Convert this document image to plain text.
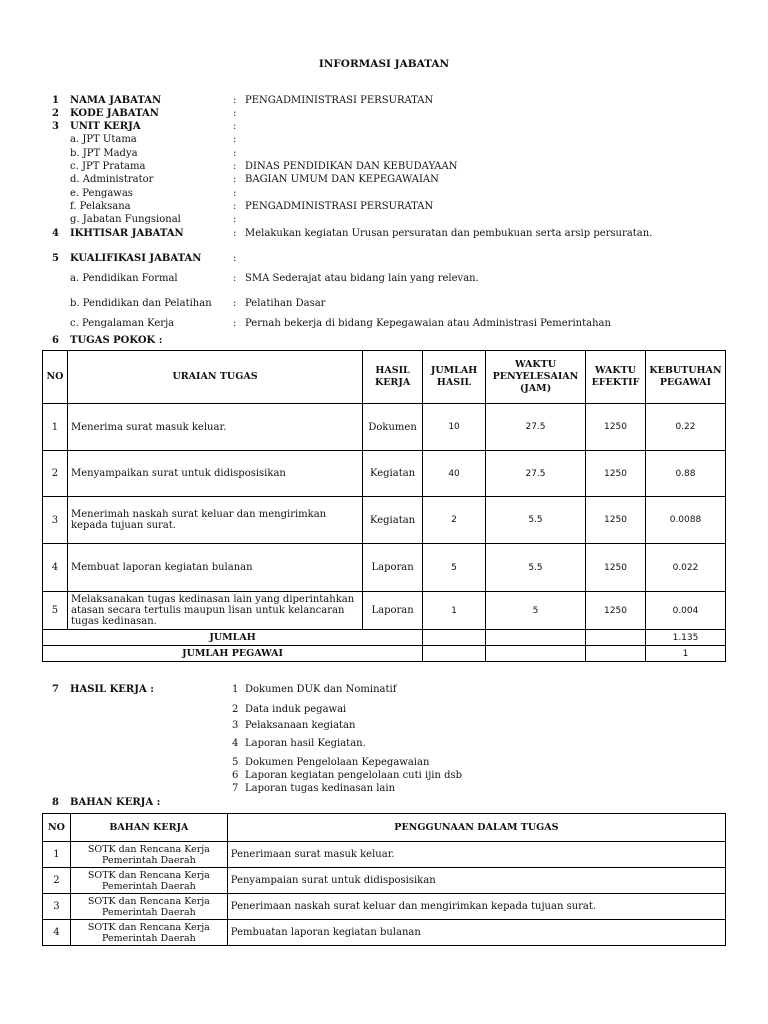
INFORMASI JABATAN
1 NAMA JABATAN	: PENGADMINISTRASI PERSURATAN
2 KODE JABATAN	:
3 UNIT KERJA	:
a. JPT Utama	:
b. JPT Madya	:
c. JPT Pratama	: DINAS PENDIDIKAN DAN KEBUDAYAAN
d. Administrator	: BAGIAN UMUM DAN KEPEGAWAIAN
e. Pengawas	:
f. Pelaksana	: PENGADMINISTRASI PERSURATAN
g. Jabatan Fungsional	:
4 IKHTISAR JABATAN	: Melakukan kegiatan Urusan persuratan dan pembukuan serta arsip persuratan.
5 KUALIFIKASI JABATAN	:
a. Pendidikan Formal	: SMA Sederajat atau bidang lain yang relevan.
b. Pendidikan dan Pelatihan : Pelatihan Dasar
c. Pengalaman Kerja	: Pernah bekerja di bidang Kepegawaian atau Administrasi Pemerintahan
6 TUGAS POKOK :
NO	URAIAN TUGAS	HASIL KERJA	JUMLAH HASIL	WAKTU PENYELESAIAN (JAM)	WAKTU EFEKTIF	KEBUTUHAN PEGAWAI
1	Menerima surat masuk keluar.	Dokumen	10	27.5	1250	0.22
2	Menyampaikan surat untuk didisposisikan	Kegiatan	40	27.5	1250	0.88
3	Menerimah naskah surat keluar dan mengirimkan kepada tujuan surat.	Kegiatan	2	5.5	1250	0.0088
4	Membuat laporan kegiatan bulanan	Laporan	5	5.5	1250	0.022
5	Melaksanakan tugas kedinasan lain yang diperintahkan atasan secara tertulis maupun lisan untuk kelancaran tugas kedinasan.	Laporan	1	5	1250	0.004
JUMLAH						1.135
JUMLAH PEGAWAI						1
7 HASIL KERJA :	1 Dokumen DUK dan Nominatif
2 Data induk pegawai
3 Pelaksanaan kegiatan
4 Laporan hasil Kegiatan.
5 Dokumen Pengelolaan Kepegawaian
6 Laporan kegiatan pengelolaan cuti ijin dsb
7 Laporan tugas kedinasan lain
8 BAHAN KERJA :
NO	BAHAN KERJA	PENGGUNAAN DALAM TUGAS
1	SOTK dan Rencana Kerja Pemerintah Daerah	Penerimaan surat masuk keluar.
2	SOTK dan Rencana Kerja Pemerintah Daerah	Penyampaian surat untuk didisposisikan
3	SOTK dan Rencana Kerja Pemerintah Daerah	Penerimaan naskah surat keluar dan mengirimkan kepada tujuan surat.
4	SOTK dan Rencana Kerja Pemerintah Daerah	Pembuatan laporan kegiatan bulanan
